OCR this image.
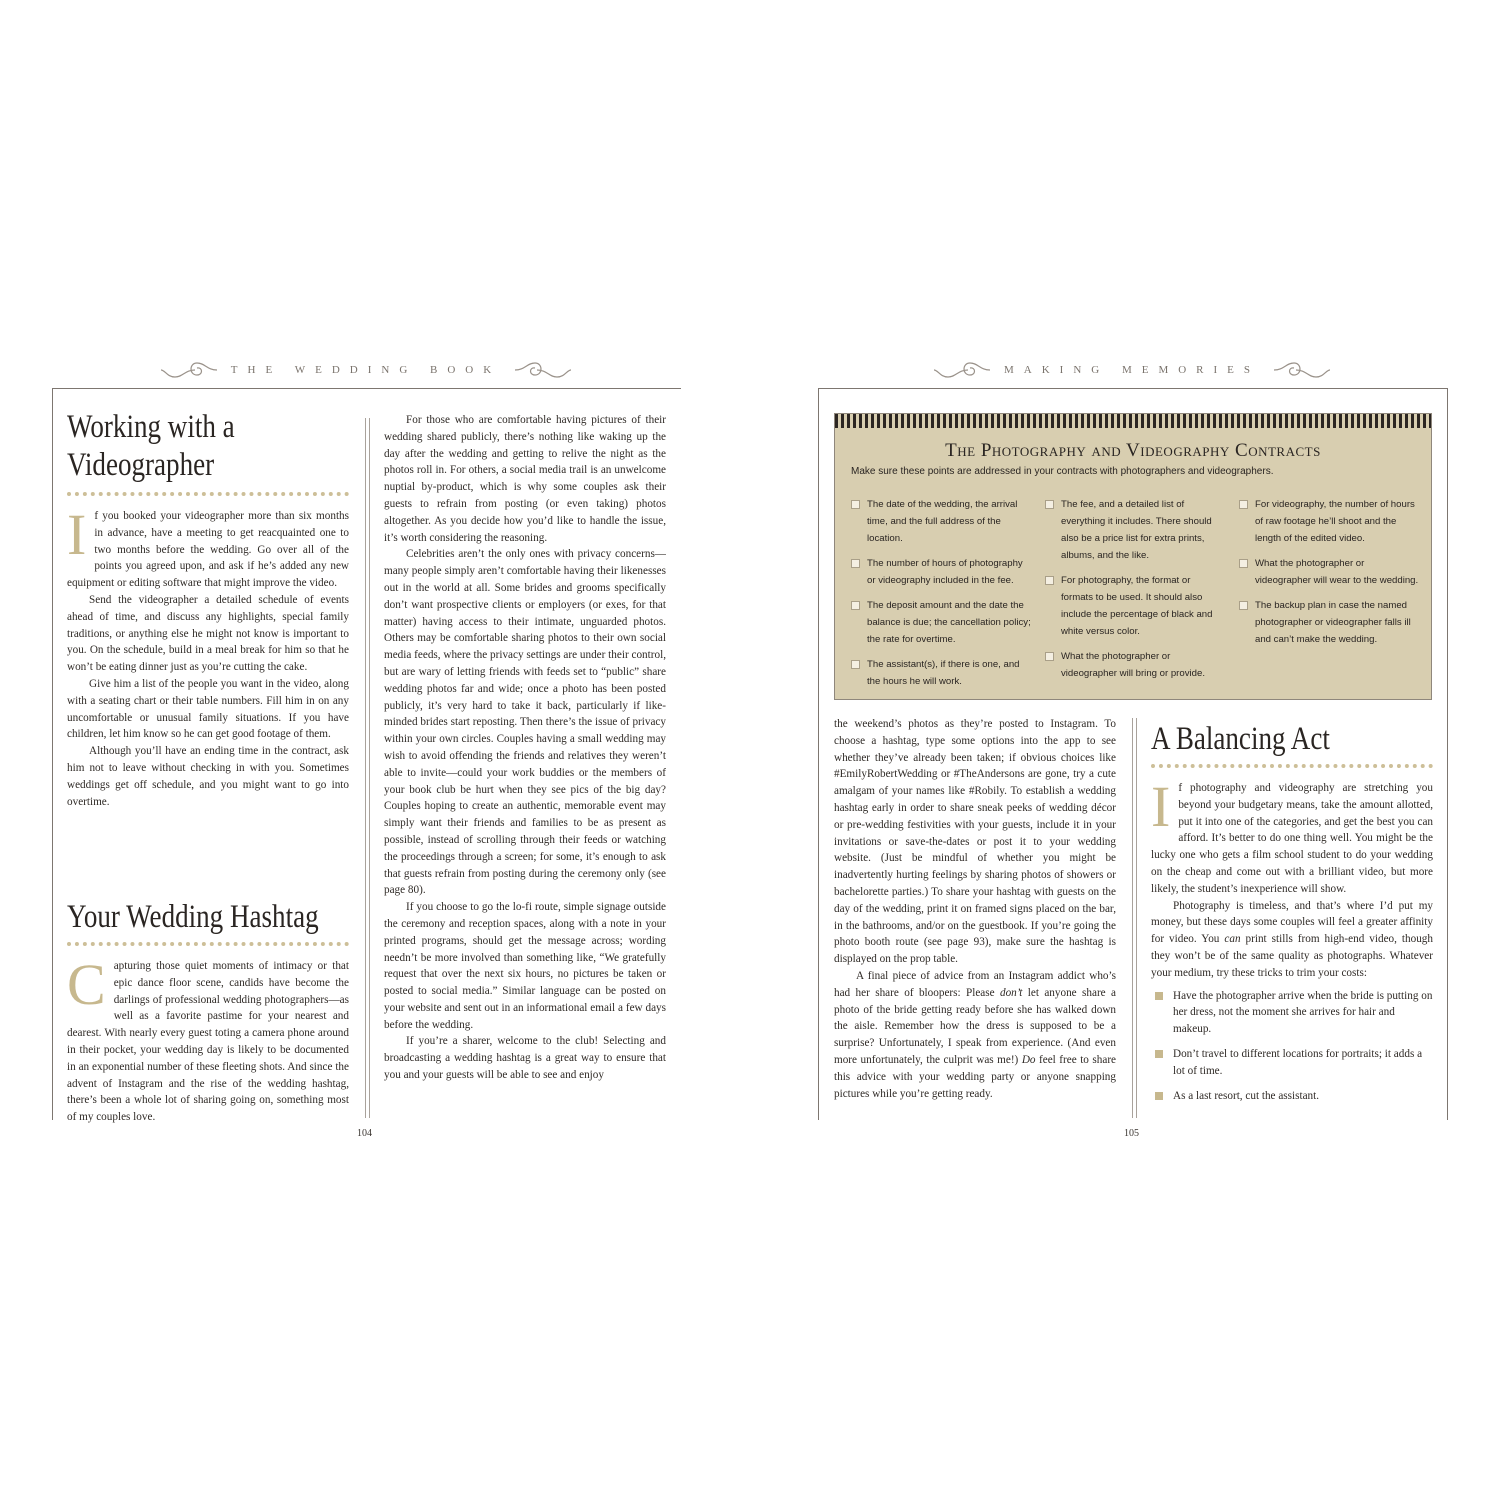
THE WEDDING BOOK	MAKING MEMORIES
Working with a
Videographer

If you booked your videographer more than six months in advance, have a meeting to get reacquainted one to two months before the wedding. Go over all of the points you agreed upon, and ask if he’s added any new equipment or editing software that might improve the video.

Send the videographer a detailed schedule of events ahead of time, and discuss any highlights, special family traditions, or anything else he might not know is important to you. On the schedule, build in a meal break for him so that he won’t be eating dinner just as you’re cutting the cake.

Give him a list of the people you want in the video, along with a seating chart or their table numbers. Fill him in on any uncomfortable or unusual family situations. If you have children, let him know so he can get good footage of them.

Although you’ll have an ending time in the contract, ask him not to leave without checking in with you. Sometimes weddings get off schedule, and you might want to go into overtime.

Your Wedding Hashtag

Capturing those quiet moments of intimacy or that epic dance floor scene, candids have become the darlings of professional wedding photographers—as well as a favorite pastime for your nearest and dearest. With nearly every guest toting a camera phone around in their pocket, your wedding day is likely to be documented in an exponential number of these fleeting shots. And since the advent of Instagram and the rise of the wedding hashtag, there’s been a whole lot of sharing going on, something most of my couples love.

For those who are comfortable having pictures of their wedding shared publicly, there’s nothing like waking up the day after the wedding and getting to relive the night as the photos roll in. For others, a social media trail is an unwelcome nuptial by-product, which is why some couples ask their guests to refrain from posting (or even taking) photos altogether. As you decide how you’d like to handle the issue, it’s worth considering the reasoning.

Celebrities aren’t the only ones with privacy concerns—many people simply aren’t comfortable having their likenesses out in the world at all. Some brides and grooms specifically don’t want prospective clients or employers (or exes, for that matter) having access to their intimate, unguarded photos. Others may be comfortable sharing photos to their own social media feeds, where the privacy settings are under their control, but are wary of letting friends with feeds set to “public” share wedding photos far and wide; once a photo has been posted publicly, it’s very hard to take it back, particularly if like-minded brides start reposting. Then there’s the issue of privacy within your own circles. Couples having a small wedding may wish to avoid offending the friends and relatives they weren’t able to invite—could your work buddies or the members of your book club be hurt when they see pics of the big day? Couples hoping to create an authentic, memorable event may simply want their friends and families to be as present as possible, instead of scrolling through their feeds or watching the proceedings through a screen; for some, it’s enough to ask that guests refrain from posting during the ceremony only (see page 80).

If you choose to go the lo-fi route, simple signage outside the ceremony and reception spaces, along with a note in your printed programs, should get the message across; wording needn’t be more involved than something like, “We gratefully request that over the next six hours, no pictures be taken or posted to social media.” Similar language can be posted on your website and sent out in an informational email a few days before the wedding.

If you’re a sharer, welcome to the club! Selecting and broadcasting a wedding hashtag is a great way to ensure that you and your guests will be able to see and enjoy

104
The Photography and Videography Contracts
Make sure these points are addressed in your contracts with photographers and videographers.
The date of the wedding, the arrival time, and the full address of the location.
The number of hours of photography or videography included in the fee.
The deposit amount and the date the balance is due; the cancellation policy; the rate for overtime.
The assistant(s), if there is one, and the hours he will work.
The fee, and a detailed list of everything it includes. There should also be a price list for extra prints, albums, and the like.
For photography, the format or formats to be used. It should also include the percentage of black and white versus color.
What the photographer or videographer will bring or provide.
For videography, the number of hours of raw footage he’ll shoot and the length of the edited video.
What the photographer or videographer will wear to the wedding.
The backup plan in case the named photographer or videographer falls ill and can’t make the wedding.

the weekend’s photos as they’re posted to Instagram. To choose a hashtag, type some options into the app to see whether they’ve already been taken; if obvious choices like #EmilyRobertWedding or #TheAndersons are gone, try a cute amalgam of your names like #Robily. To establish a wedding hashtag early in order to share sneak peeks of wedding décor or pre-wedding festivities with your guests, include it in your invitations or save-the-dates or post it to your wedding website. (Just be mindful of whether you might be inadvertently hurting feelings by sharing photos of showers or bachelorette parties.) To share your hashtag with guests on the day of the wedding, print it on framed signs placed on the bar, in the bathrooms, and/or on the guestbook. If you’re going the photo booth route (see page 93), make sure the hashtag is displayed on the prop table.

A final piece of advice from an Instagram addict who’s had her share of bloopers: Please don’t let anyone share a photo of the bride getting ready before she has walked down the aisle. Remember how the dress is supposed to be a surprise? Unfortunately, I speak from experience. (And even more unfortunately, the culprit was me!) Do feel free to share this advice with your wedding party or anyone snapping pictures while you’re getting ready.

A Balancing Act

If photography and videography are stretching you beyond your budgetary means, take the amount allotted, put it into one of the categories, and get the best you can afford. It’s better to do one thing well. You might be the lucky one who gets a film school student to do your wedding on the cheap and come out with a brilliant video, but more likely, the student’s inexperience will show.

Photography is timeless, and that’s where I’d put my money, but these days some couples will feel a greater affinity for video. You can print stills from high-end video, though they won’t be of the same quality as photographs. Whatever your medium, try these tricks to trim your costs:

Have the photographer arrive when the bride is putting on her dress, not the moment she arrives for hair and makeup.
Don’t travel to different locations for portraits; it adds a lot of time.
As a last resort, cut the assistant.
105
